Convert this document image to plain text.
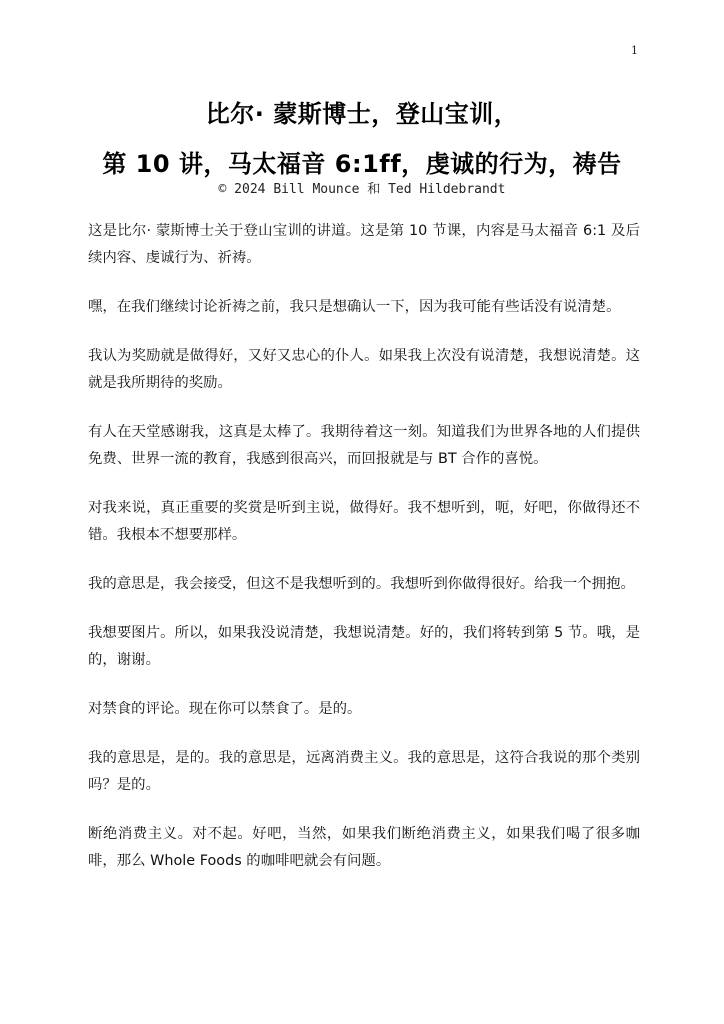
1
比尔· 蒙斯博士，登山宝训，
第 10 讲，马太福音 6:1ff，虔诚的行为，祷告
© 2024 Bill Mounce 和 Ted Hildebrandt

这是比尔· 蒙斯博士关于登山宝训的讲道。这是第 10 节课，内容是马太福音 6:1 及后续内容、虔诚行为、祈祷。

嘿，在我们继续讨论祈祷之前，我只是想确认一下，因为我可能有些话没有说清楚。

我认为奖励就是做得好，又好又忠心的仆人。如果我上次没有说清楚，我想说清楚。这就是我所期待的奖励。

有人在天堂感谢我，这真是太棒了。我期待着这一刻。知道我们为世界各地的人们提供免费、世界一流的教育，我感到很高兴，而回报就是与 BT 合作的喜悦。

对我来说，真正重要的奖赏是听到主说，做得好。我不想听到，呃，好吧，你做得还不错。我根本不想要那样。

我的意思是，我会接受，但这不是我想听到的。我想听到你做得很好。给我一个拥抱。

我想要图片。所以，如果我没说清楚，我想说清楚。好的，我们将转到第 5 节。哦，是的，谢谢。

对禁食的评论。现在你可以禁食了。是的。

我的意思是，是的。我的意思是，远离消费主义。我的意思是，这符合我说的那个类别吗？是的。

断绝消费主义。对不起。好吧，当然，如果我们断绝消费主义，如果我们喝了很多咖啡，那么 Whole Foods 的咖啡吧就会有问题。
